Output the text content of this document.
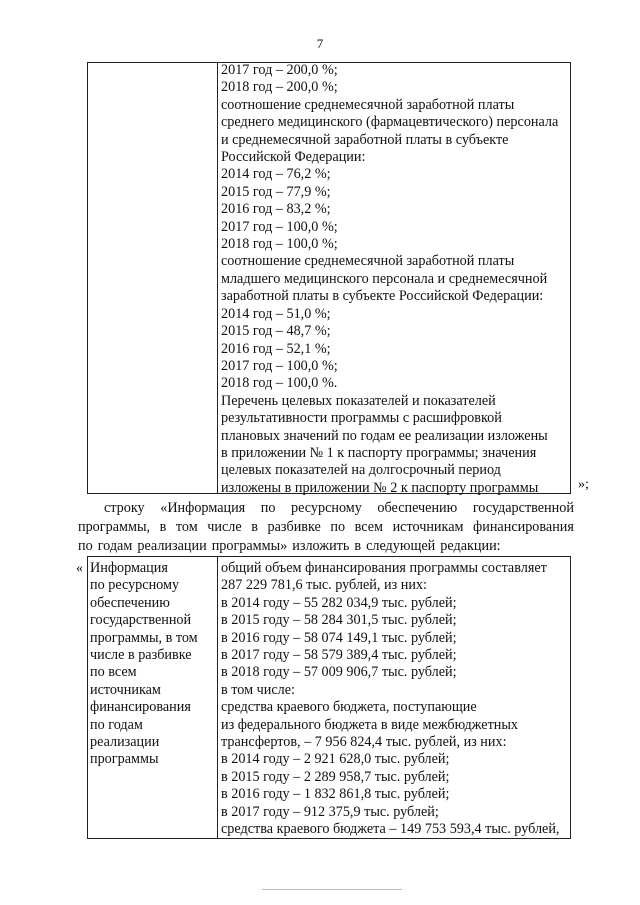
7
2017 год – 200,0 %;
2018 год – 200,0 %;
соотношение среднемесячной заработной платы
среднего медицинского (фармацевтического) персонала
и среднемесячной заработной платы в субъекте
Российской Федерации:
2014 год – 76,2 %;
2015 год – 77,9 %;
2016 год – 83,2 %;
2017 год – 100,0 %;
2018 год – 100,0 %;
соотношение среднемесячной заработной платы
младшего медицинского персонала и среднемесячной
заработной платы в субъекте Российской Федерации:
2014 год – 51,0 %;
2015 год – 48,7 %;
2016 год – 52,1 %;
2017 год – 100,0 %;
2018 год – 100,0 %.
Перечень целевых показателей и показателей
результативности программы с расшифровкой
плановых значений по годам ее реализации изложены
в приложении № 1 к паспорту программы; значения
целевых показателей на долгосрочный период
изложены в приложении № 2 к паспорту программы	»;
строку «Информация по ресурсному обеспечению государственной
программы, в том числе в разбивке по всем источникам финансирования
по годам реализации программы» изложить в следующей редакции:
« Информация
по ресурсному
обеспечению
государственной
программы, в том
числе в разбивке
по всем
источникам
финансирования
по годам
реализации
программы
общий объем финансирования программы составляет
287 229 781,6 тыс. рублей, из них:
в 2014 году – 55 282 034,9 тыс. рублей;
в 2015 году – 58 284 301,5 тыс. рублей;
в 2016 году – 58 074 149,1 тыс. рублей;
в 2017 году – 58 579 389,4 тыс. рублей;
в 2018 году – 57 009 906,7 тыс. рублей;
в том числе:
средства краевого бюджета, поступающие
из федерального бюджета в виде межбюджетных
трансфертов, – 7 956 824,4 тыс. рублей, из них:
в 2014 году – 2 921 628,0 тыс. рублей;
в 2015 году – 2 289 958,7 тыс. рублей;
в 2016 году – 1 832 861,8 тыс. рублей;
в 2017 году – 912 375,9 тыс. рублей;
средства краевого бюджета – 149 753 593,4 тыс. рублей,
